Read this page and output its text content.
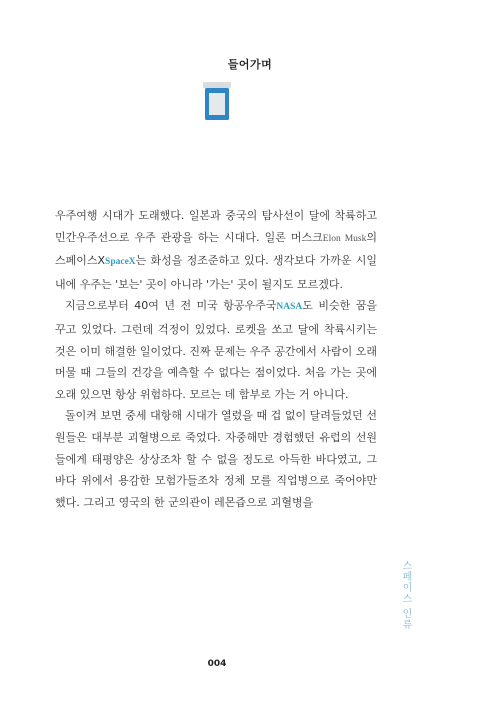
들어가며

우주여행 시대가 도래했다. 일본과 중국의 탐사선이 달에 착륙하고 민간우주선으로 우주 관광을 하는 시대다. 일론 머스크Elon Musk의 스페이스XSpaceX는 화성을 정조준하고 있다. 생각보다 가까운 시일 내에 우주는 '보는' 곳이 아니라 '가는' 곳이 될지도 모르겠다.

지금으로부터 40여 년 전 미국 항공우주국NASA도 비슷한 꿈을 꾸고 있었다. 그런데 걱정이 있었다. 로켓을 쏘고 달에 착륙시키는 것은 이미 해결한 일이었다. 진짜 문제는 우주 공간에서 사람이 오래 머물 때 그들의 건강을 예측할 수 없다는 점이었다. 처음 가는 곳에 오래 있으면 항상 위험하다. 모르는 데 함부로 가는 거 아니다.

돌이켜 보면 중세 대항해 시대가 열렸을 때 겁 없이 달려들었던 선원들은 대부분 괴혈병으로 죽었다. 자중해만 경험했던 유럽의 선원들에게 태평양은 상상조차 할 수 없을 정도로 아득한 바다였고, 그 바다 위에서 용감한 모험가들조차 정체 모를 직업병으로 죽어야만 했다. 그리고 영국의 한 군의관이 레몬즙으로 괴혈병을

스페이스 인류
004
